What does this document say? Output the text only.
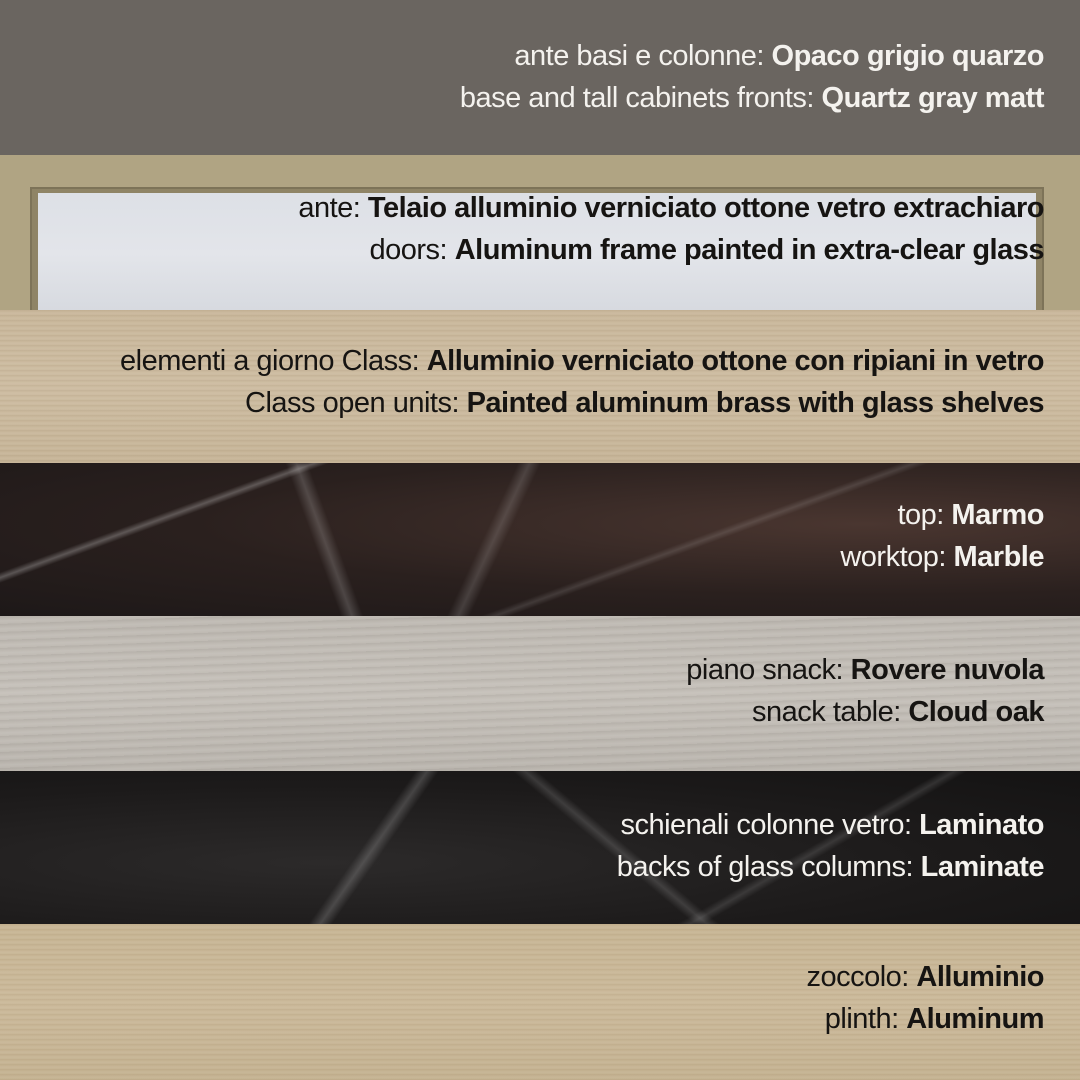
ante basi e colonne: Opaco grigio quarzo
base and tall cabinets fronts: Quartz gray matt
ante: Telaio alluminio verniciato ottone vetro extrachiaro
doors: Aluminum frame painted in extra-clear glass
elementi a giorno Class: Alluminio verniciato ottone con ripiani in vetro
Class open units: Painted aluminum brass with glass shelves
top: Marmo
worktop: Marble
piano snack: Rovere nuvola
snack table: Cloud oak
schienali colonne vetro: Laminato
backs of glass columns: Laminate
zoccolo: Alluminio
plinth: Aluminum
